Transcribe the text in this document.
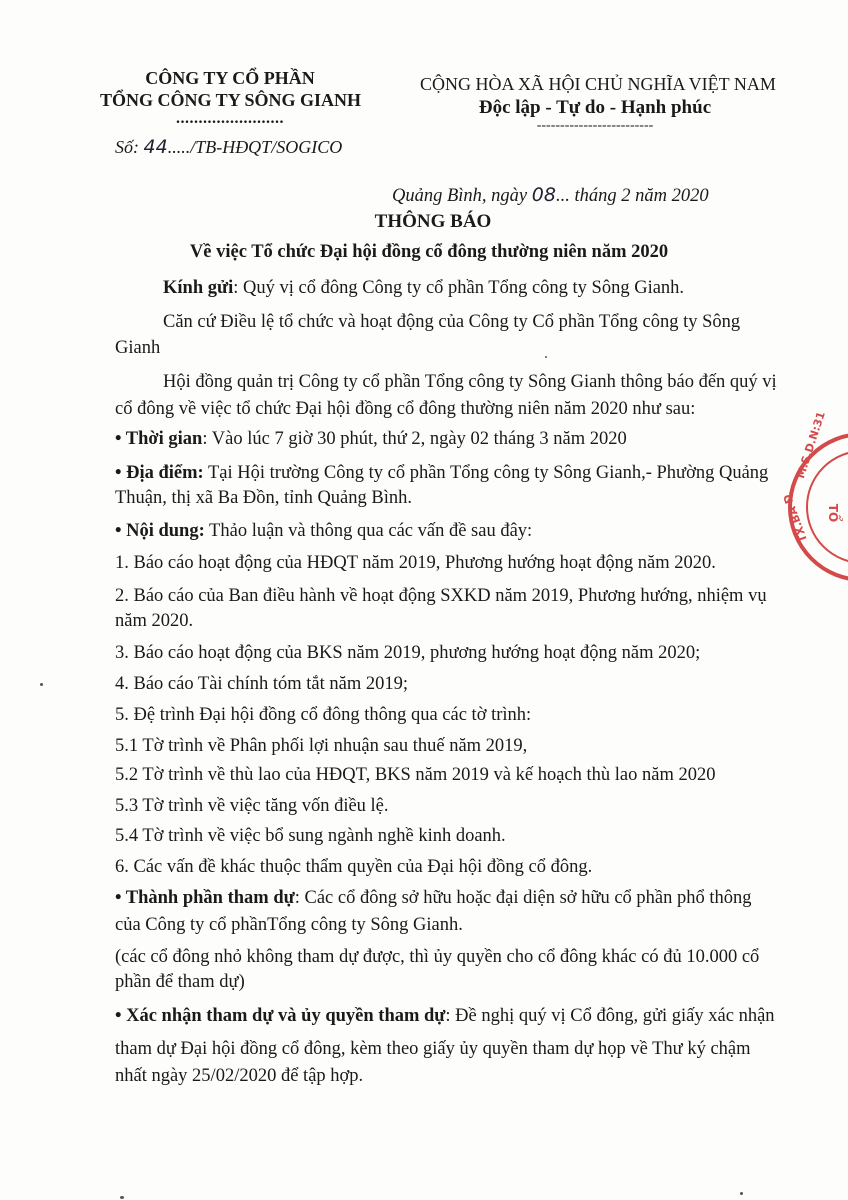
CÔNG TY CỔ PHẦN
TỔNG CÔNG TY SÔNG GIANH
........................
Số: 44...../TB-HĐQT/SOGICO
CỘNG HÒA XÃ HỘI CHỦ NGHĨA VIỆT NAM
Độc lập - Tự do - Hạnh phúc
-------------------------
Quảng Bình, ngày 08... tháng 2 năm 2020
THÔNG BÁO
Về việc Tổ chức Đại hội đồng cổ đông thường niên năm 2020
Kính gửi: Quý vị cổ đông Công ty cổ phần Tổng công ty Sông Gianh.
Căn cứ Điều lệ tổ chức và hoạt động của Công ty Cổ phần Tổng công ty Sông
Gianh
Hội đồng quản trị Công ty cổ phần Tổng công ty Sông Gianh thông báo đến quý vị
cổ đông về việc tổ chức Đại hội đồng cổ đông thường niên năm 2020 như sau:
• Thời gian: Vào lúc 7 giờ 30 phút, thứ 2, ngày 02 tháng 3 năm 2020
• Địa điểm: Tại Hội trường Công ty cổ phần Tổng công ty Sông Gianh,- Phường Quảng
Thuận, thị xã Ba Đồn, tỉnh Quảng Bình.
• Nội dung: Thảo luận và thông qua các vấn đề sau đây:
1. Báo cáo hoạt động của HĐQT năm 2019, Phương hướng hoạt động năm 2020.
2. Báo cáo của Ban điều hành về hoạt động SXKD năm 2019, Phương hướng, nhiệm vụ
năm 2020.
3. Báo cáo hoạt động của BKS năm 2019, phương hướng hoạt động năm 2020;
4. Báo cáo Tài chính tóm tắt năm 2019;
5. Đệ trình Đại hội đồng cổ đông thông qua các tờ trình:
5.1 Tờ trình về Phân phối lợi nhuận sau thuế năm 2019,
5.2 Tờ trình về thù lao của HĐQT, BKS năm 2019 và kế hoạch thù lao năm 2020
5.3 Tờ trình về việc tăng vốn điều lệ.
5.4 Tờ trình về việc bổ sung ngành nghề kinh doanh.
6. Các vấn đề khác thuộc thẩm quyền của Đại hội đồng cổ đông.
• Thành phần tham dự: Các cổ đông sở hữu hoặc đại diện sở hữu cổ phần phổ thông
của Công ty cổ phầnTổng công ty Sông Gianh.
(các cổ đông nhỏ không tham dự được, thì ủy quyền cho cổ đông khác có đủ 10.000 cổ
phần để tham dự)
• Xác nhận tham dự và ủy quyền tham dự: Đề nghị quý vị Cổ đông, gửi giấy xác nhận
tham dự Đại hội đồng cổ đông, kèm theo giấy ủy quyền tham dự họp về Thư ký chậm
nhất ngày 25/02/2020 để tập hợp.
M.S.D.N:31
TỔ
TX.BA Đ
